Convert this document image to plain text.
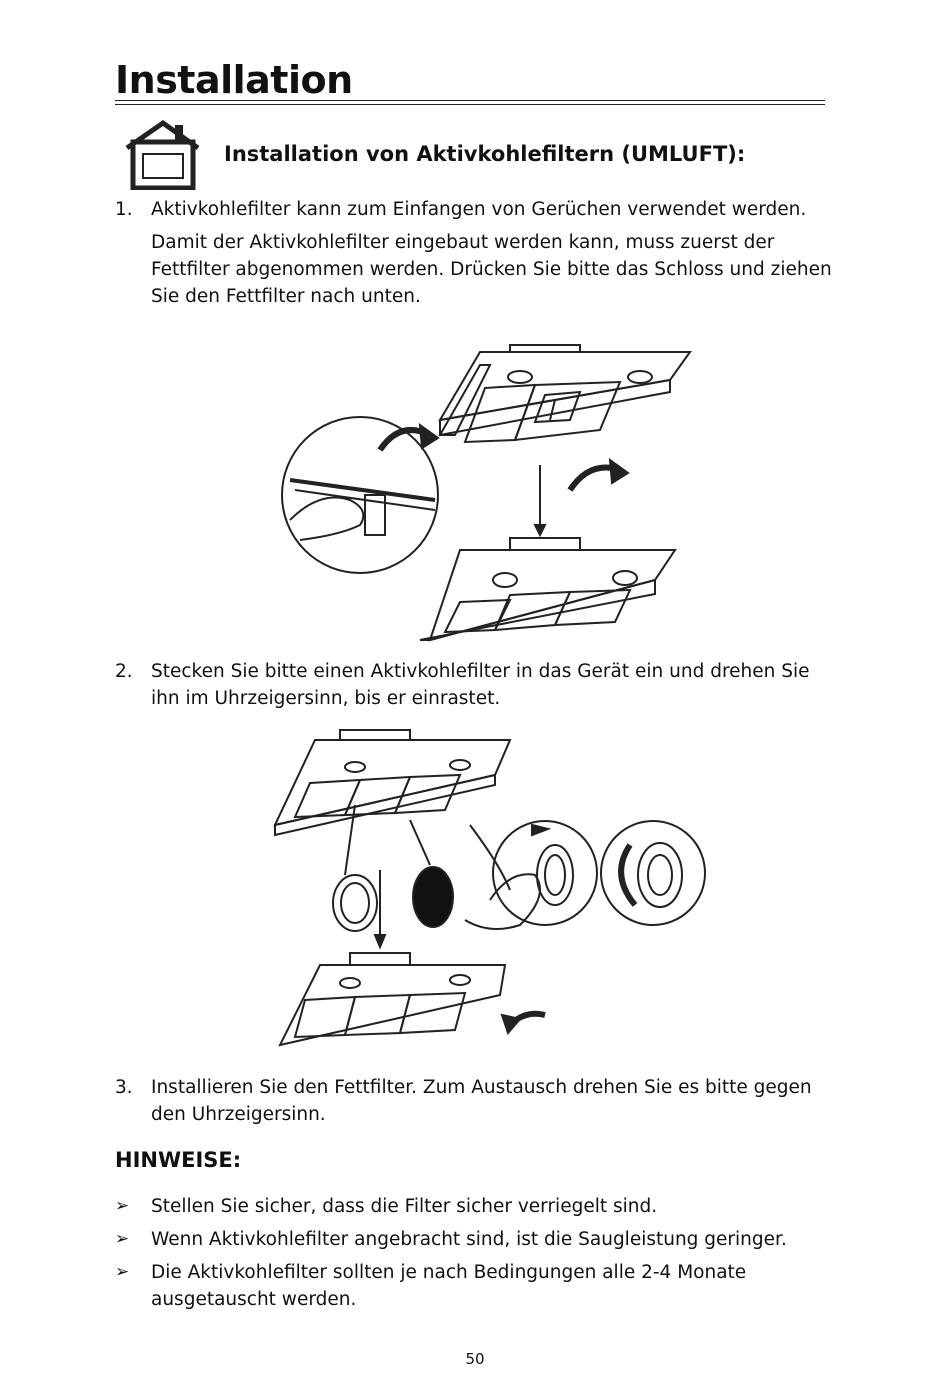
Installation
Installation von Aktivkohlefiltern (UMLUFT):
1. Aktivkohlefilter kann zum Einfangen von Gerüchen verwendet werden.
Damit der Aktivkohlefilter eingebaut werden kann, muss zuerst der Fettfilter abgenommen werden. Drücken Sie bitte das Schloss und ziehen Sie den Fettfilter nach unten.
2. Stecken Sie bitte einen Aktivkohlefilter in das Gerät ein und drehen Sie ihn im Uhrzeigersinn, bis er einrastet.
3. Installieren Sie den Fettfilter. Zum Austausch drehen Sie es bitte gegen den Uhrzeigersinn.
HINWEISE:
➢ Stellen Sie sicher, dass die Filter sicher verriegelt sind.
➢ Wenn Aktivkohlefilter angebracht sind, ist die Saugleistung geringer.
➢ Die Aktivkohlefilter sollten je nach Bedingungen alle 2-4 Monate ausgetauscht werden.
50
